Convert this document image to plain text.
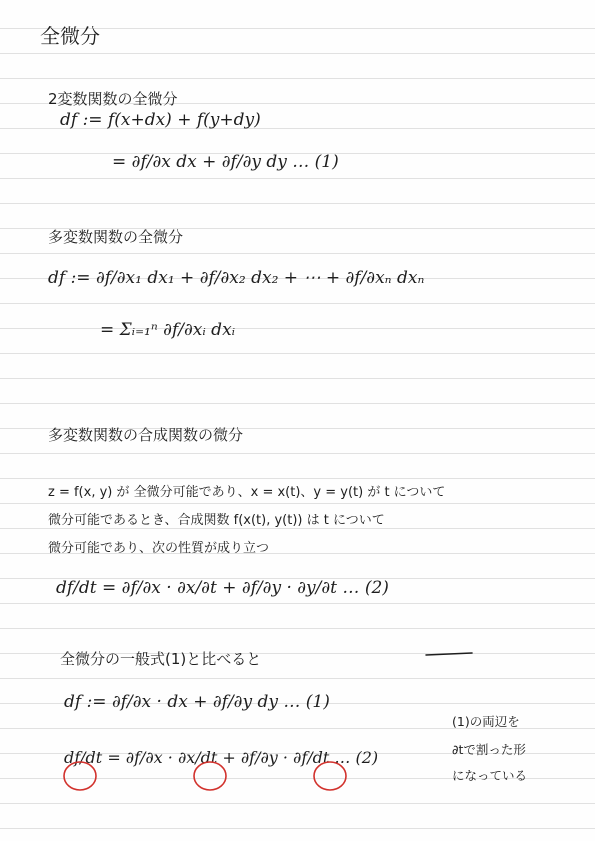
全微分
2変数関数の全微分
df := f(x+dx) + f(y+dy)
= ∂f/∂x dx + ∂f/∂y dy … (1)
多変数関数の全微分
df := ∂f/∂x₁ dx₁ + ∂f/∂x₂ dx₂ + ⋯ + ∂f/∂xₙ dxₙ
= Σᵢ₌₁ⁿ ∂f/∂xᵢ dxᵢ
多変数関数の合成関数の微分
z = f(x, y) が 全微分可能であり、x = x(t)、y = y(t) が t について
微分可能であるとき、合成関数 f(x(t), y(t)) は t について
微分可能であり、次の性質が成り立つ
df/dt = ∂f/∂x · ∂x/∂t + ∂f/∂y · ∂y/∂t … (2)
全微分の一般式(1)と比べると
df := ∂f/∂x · dx + ∂f/∂y dy … (1)
df/dt = ∂f/∂x · ∂x/dt + ∂f/∂y · ∂f/dt … (2)
(1)の両辺を
∂tで割った形
になっている
